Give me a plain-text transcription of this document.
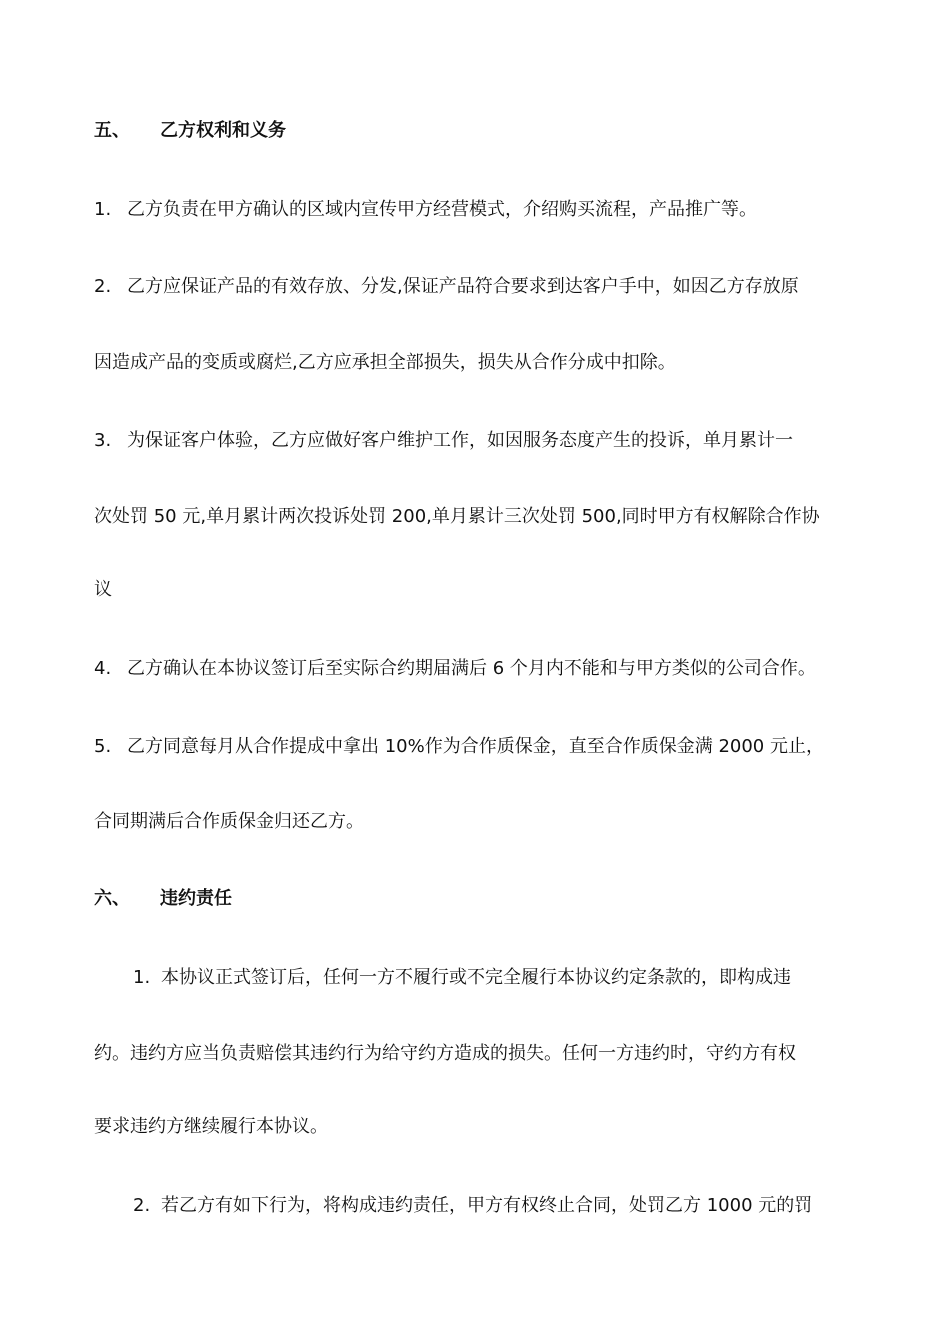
五、 乙方权利和义务
1. 乙方负责在甲方确认的区域内宣传甲方经营模式，介绍购买流程，产品推广等。
2. 乙方应保证产品的有效存放、分发,保证产品符合要求到达客户手中，如因乙方存放原
因造成产品的变质或腐烂,乙方应承担全部损失，损失从合作分成中扣除。
3. 为保证客户体验，乙方应做好客户维护工作，如因服务态度产生的投诉，单月累计一
次处罚 50 元,单月累计两次投诉处罚 200,单月累计三次处罚 500,同时甲方有权解除合作协
议
4. 乙方确认在本协议签订后至实际合约期届满后 6 个月内不能和与甲方类似的公司合作。
5. 乙方同意每月从合作提成中拿出 10%作为合作质保金，直至合作质保金满 2000 元止，
合同期满后合作质保金归还乙方。
六、 违约责任
1. 本协议正式签订后，任何一方不履行或不完全履行本协议约定条款的，即构成违
约。违约方应当负责赔偿其违约行为给守约方造成的损失。任何一方违约时，守约方有权
要求违约方继续履行本协议。
2. 若乙方有如下行为，将构成违约责任，甲方有权终止合同，处罚乙方 1000 元的罚
